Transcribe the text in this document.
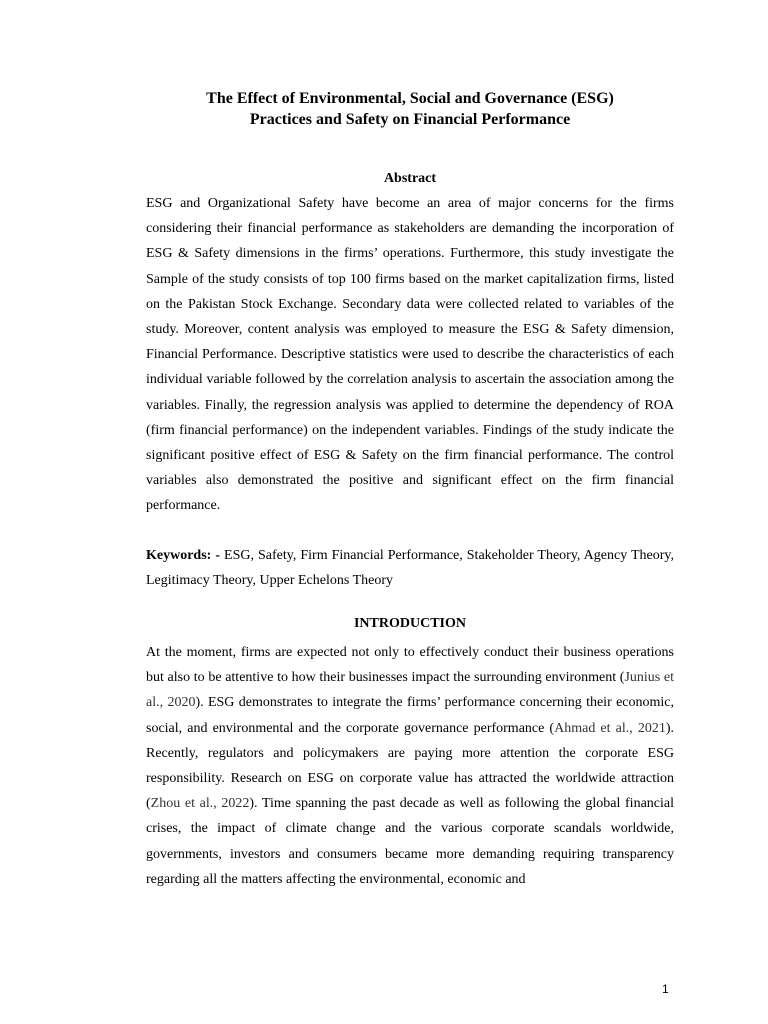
The Effect of Environmental, Social and Governance (ESG)
Practices and Safety on Financial Performance
Abstract
ESG and Organizational Safety have become an area of major concerns for the firms considering their financial performance as stakeholders are demanding the incorporation of ESG & Safety dimensions in the firms’ operations. Furthermore, this study investigate the Sample of the study consists of top 100 firms based on the market capitalization firms, listed on the Pakistan Stock Exchange. Secondary data were collected related to variables of the study. Moreover, content analysis was employed to measure the ESG & Safety dimension, Financial Performance. Descriptive statistics were used to describe the characteristics of each individual variable followed by the correlation analysis to ascertain the association among the variables. Finally, the regression analysis was applied to determine the dependency of ROA (firm financial performance) on the independent variables. Findings of the study indicate the significant positive effect of ESG & Safety on the firm financial performance. The control variables also demonstrated the positive and significant effect on the firm financial performance.
Keywords: - ESG, Safety, Firm Financial Performance, Stakeholder Theory, Agency Theory, Legitimacy Theory, Upper Echelons Theory
INTRODUCTION
At the moment, firms are expected not only to effectively conduct their business operations but also to be attentive to how their businesses impact the surrounding environment (Junius et al., 2020). ESG demonstrates to integrate the firms’ performance concerning their economic, social, and environmental and the corporate governance performance (Ahmad et al., 2021). Recently, regulators and policymakers are paying more attention the corporate ESG responsibility. Research on ESG on corporate value has attracted the worldwide attraction (Zhou et al., 2022). Time spanning the past decade as well as following the global financial crises, the impact of climate change and the various corporate scandals worldwide, governments, investors and consumers became more demanding requiring transparency regarding all the matters affecting the environmental, economic and
1
